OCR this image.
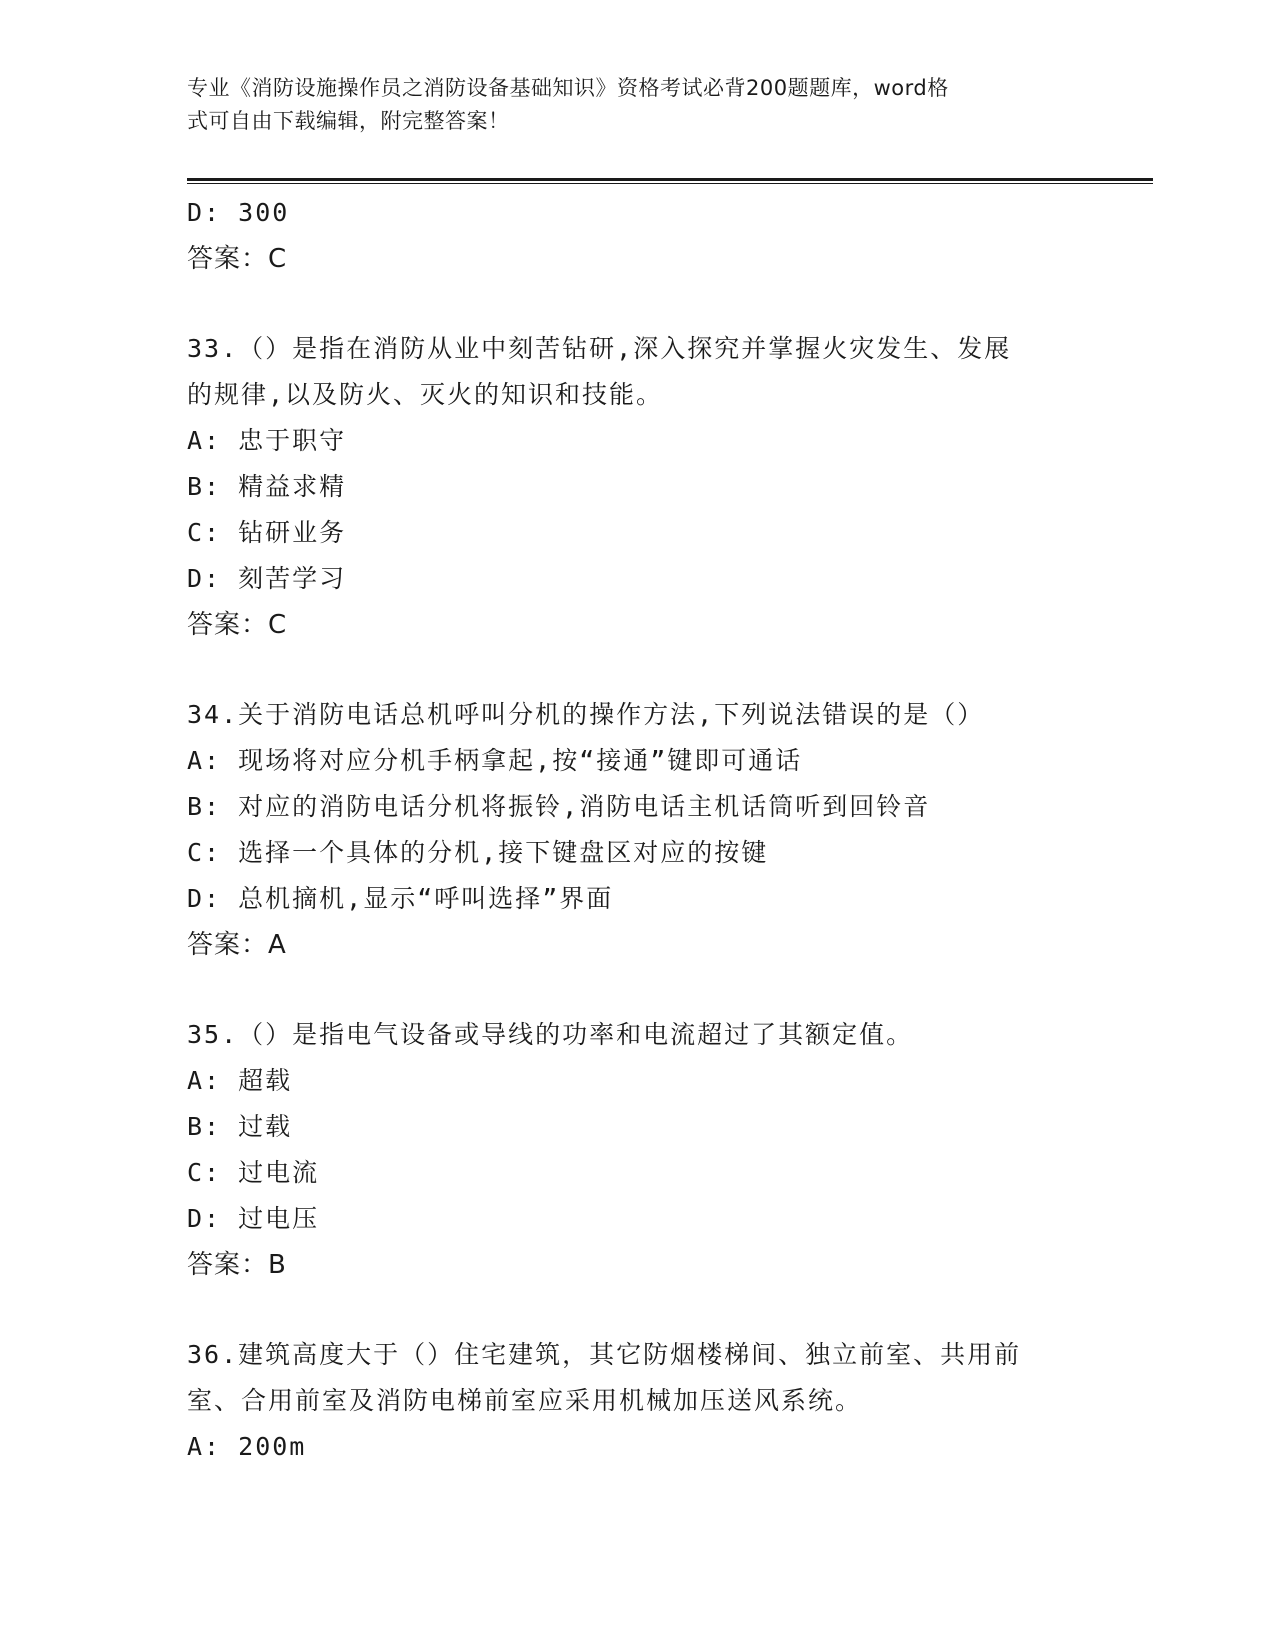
专业《消防设施操作员之消防设备基础知识》资格考试必背200题题库，word格
式可自由下载编辑，附完整答案！
D: 300
答案：C
33.（）是指在消防从业中刻苦钻研,深入探究并掌握火灾发生、发展
的规律,以及防火、灭火的知识和技能。
A: 忠于职守
B: 精益求精
C: 钻研业务
D: 刻苦学习
答案：C
34.关于消防电话总机呼叫分机的操作方法,下列说法错误的是（）
A: 现场将对应分机手柄拿起,按“接通”键即可通话
B: 对应的消防电话分机将振铃,消防电话主机话筒听到回铃音
C: 选择一个具体的分机,接下键盘区对应的按键
D: 总机摘机,显示“呼叫选择”界面
答案：A
35.（）是指电气设备或导线的功率和电流超过了其额定值。
A: 超载
B: 过载
C: 过电流
D: 过电压
答案：B
36.建筑高度大于（）住宅建筑，其它防烟楼梯间、独立前室、共用前
室、合用前室及消防电梯前室应采用机械加压送风系统。
A: 200m
